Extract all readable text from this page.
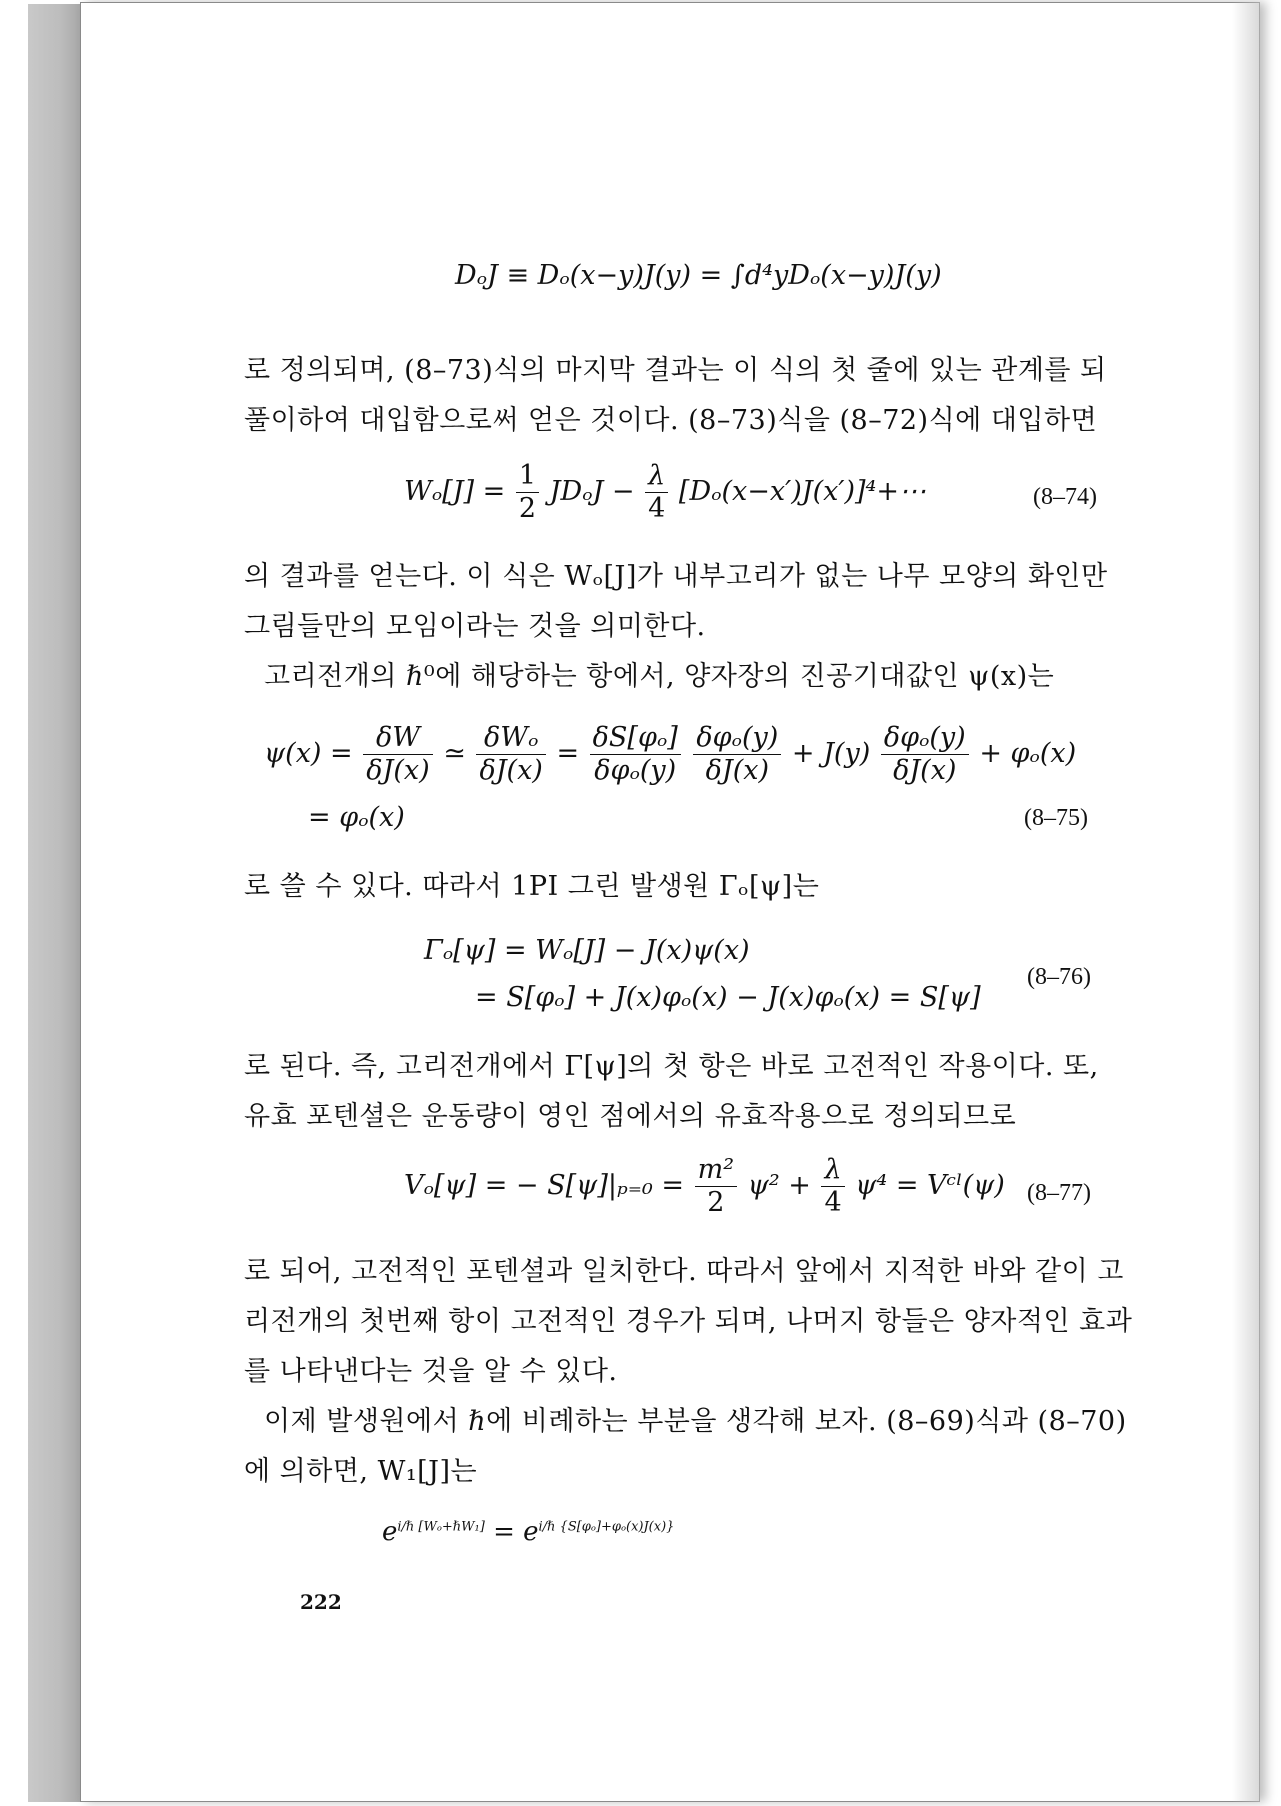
DₒJ ≡ Dₒ(x−y)J(y) = ∫d⁴yDₒ(x−y)J(y)
로 정의되며, (8–73)식의 마지막 결과는 이 식의 첫 줄에 있는 관계를 되
풀이하여 대입함으로써 얻은 것이다. (8–73)식을 (8–72)식에 대입하면
$W_o[J] = \frac{1}{2}$ $JD_oJ - \frac{\lambda}{4}$ [Dₒ(x−x′)J(x′)]⁴+⋯	(8–74)
의 결과를 얻는다. 이 식은 Wₒ[J]가 내부고리가 없는 나무 모양의 화인만
그림들만의 모임이라는 것을 의미한다.
고리전개의 ℏ⁰에 해당하는 항에서, 양자장의 진공기대값인 ψ(x)는
$\psi(x) = \frac{\delta W}{\delta J(x)}$ ≃ $\frac{\text{δWₒ}}{\delta J(x)} = \frac{\text{δS[φₒ]}}{\text{δφₒ(y)}}$
$\frac{\text{δφₒ(y)}}{\delta J(x)} + J(y) \frac{\text{δφₒ(y)}}{\delta J(x)} + \varphi_o(x)$
= φₒ(x)	(8–75)
로 쓸 수 있다. 따라서 1PI 그린 발생원 Γₒ[ψ]는
Γₒ[ψ] = Wₒ[J] − J(x)ψ(x)
= S[φₒ] + J(x)φₒ(x) − J(x)φₒ(x) = S[ψ]
(8–76)
로 된다. 즉, 고리전개에서 Γ[ψ]의 첫 항은 바로 고전적인 작용이다. 또,
유효 포텐셜은 운동량이 영인 점에서의 유효작용으로 정의되므로
Vₒ[ψ] = − $S[\psi]|_{p=0} = \frac{\text{m²}}{2} \psi^2 + \frac{\lambda}{4} \psi^4$ = Vᶜˡ(ψ) (8–77)
로 되어, 고전적인 포텐셜과 일치한다. 따라서 앞에서 지적한 바와 같이 고
리전개의 첫번째 항이 고전적인 경우가 되며, 나머지 항들은 양자적인 효과
를 나타낸다는 것을 알 수 있다.
이제 발생원에서 ℏ에 비례하는 부분을 생각해 보자. (8–69)식과 (8–70)
에 의하면, W₁[J]는
$e^{i/\hbar [W_o+\hbar W_1]} = e^{i/\hbar \{S[\varphi_o]+\varphi_o(x)J(x)\}}$
222
